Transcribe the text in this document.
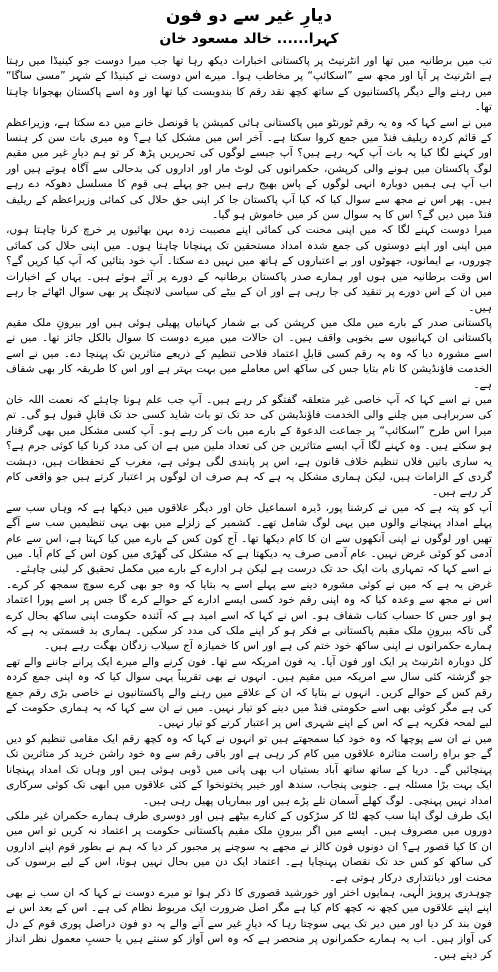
دیارِ غیر سے دو فون
کہرا...... خالد مسعود خان

تب میں برطانیہ میں تھا اور انٹرنیٹ پر پاکستانی اخبارات دیکھ رہا تھا جب میرا دوست جو کینیڈا میں رہتا ہے انٹرنیٹ پر آیا اور مجھ سے ”اسکائپ“ پر مخاطب ہوا۔ میرے اس دوست نے کینیڈا کے شہر ”مسی ساگا“ میں رہنے والے دیگر پاکستانیوں کے ساتھ کچھ نقد رقم کا بندوبست کیا تھا اور وہ اسے پاکستان بھجوانا چاہتا تھا۔

میں نے اسے کہا کہ وہ یہ رقم ٹورنٹو میں پاکستانی ہائی کمیشن یا قونصل خانے میں دے سکتا ہے، وزیراعظم کے قائم کردہ ریلیف فنڈ میں جمع کروا سکتا ہے۔ آخر اس میں مشکل کیا ہے؟ وہ میری بات سن کر ہنسا اور کہنے لگا کیا یہ بات آپ کہہ رہے ہیں؟ آپ جیسے لوگوں کی تحریریں پڑھ کر تو ہم دیارِ غیر میں مقیم لوگ پاکستان میں ہونے والی کرپشن، حکمرانوں کی لوٹ مار اور اداروں کی بدحالی سے آگاہ ہوتے ہیں اور اب آپ ہی ہمیں دوبارہ انہی لوگوں کے پاس بھیج رہے ہیں جو پہلے ہی قوم کا مسلسل دھوکہ دے رہے ہیں۔ پھر اس نے مجھ سے سوال کیا کہ کیا آپ پاکستان جا کر اپنی حق حلال کی کمائی وزیراعظم کے ریلیف فنڈ میں دیں گے؟ اس کا یہ سوال سن کر میں خاموش ہو گیا۔

میرا دوست کہنے لگا کہ میں اپنی محنت کی کمائی اپنے مصیبت زدہ بہن بھائیوں پر خرچ کرنا چاہتا ہوں، میں اپنی اور اپنے دوستوں کی جمع شدہ امداد مستحقین تک پہنچانا چاہتا ہوں۔ میں اپنی حلال کی کمائی چوروں، بے ایمانوں، جھوٹوں اور بے اعتباروں کے ہاتھ میں نہیں دے سکتا۔ آپ خود بتائیں کہ آپ کیا کریں گے؟ اس وقت برطانیہ میں ہوں اور ہمارے صدر پاکستان برطانیہ کے دورے پر آئے ہوئے ہیں۔ یہاں کے اخبارات میں ان کے اس دورے پر تنقید کی جا رہی ہے اور ان کے بیٹے کی سیاسی لانچنگ پر بھی سوال اٹھائے جا رہے ہیں۔

پاکستانی صدر کے بارے میں ملک میں کرپشن کی بے شمار کہانیاں پھیلی ہوئی ہیں اور بیرونِ ملک مقیم پاکستانی ان کہانیوں سے بخوبی واقف ہیں۔ ان حالات میں میرے دوست کا سوال بالکل جائز تھا۔ میں نے اسے مشورہ دیا کہ وہ یہ رقم کسی قابلِ اعتماد فلاحی تنظیم کے ذریعے متاثرین تک پہنچا دے۔ میں نے اسے الخدمت فاؤنڈیشن کا نام بتایا جس کی ساکھ اس معاملے میں بہت بہتر ہے اور اس کا طریقہ کار بھی شفاف ہے۔

میں نے اسے کہا کہ آپ خاصی غیر متعلقہ گفتگو کر رہے ہیں۔ آپ جب علم ہونا چاہئے کہ نعمت اللہ خان کی سربراہی میں چلنے والی الخدمت فاؤنڈیشن کی حد تک تو بات شاید کسی حد تک قابلِ قبول ہو گی۔ تم میرا اس طرح ”اسکائپ“ پر جماعت الدعوۃ کے بارے میں بات کر رہے ہو۔ آپ کسی مشکل میں بھی گرفتار ہو سکتے ہیں۔ وہ کہنے لگا آپ ایسے متاثرین جن کی تعداد ملین میں ہے ان کی مدد کرنا کیا کوئی جرم ہے؟ یہ ساری باتیں فلاں تنظیم خلاف قانون ہے، اس پر پابندی لگی ہوئی ہے، مغرب کے تحفظات ہیں، دہشت گردی کے الزامات ہیں، لیکن ہماری مشکل یہ ہے کہ ہم صرف ان لوگوں پر اعتبار کرتے ہیں جو واقعی کام کر رہے ہیں۔

آپ کو پتہ ہے کہ میں نے کرشنا پور، ڈیرہ اسماعیل خان اور دیگر علاقوں میں دیکھا ہے کہ وہاں سب سے پہلے امداد پہنچانے والوں میں یہی لوگ شامل تھے۔ کشمیر کے زلزلے میں بھی یہی تنظیمیں سب سے آگے تھیں اور لوگوں نے اپنی آنکھوں سے ان کا کام دیکھا تھا۔ آج کون کس کے بارے میں کیا کہتا ہے، اس سے عام آدمی کو کوئی غرض نہیں۔ عام آدمی صرف یہ دیکھتا ہے کہ مشکل کی گھڑی میں کون اس کے کام آیا۔ میں نے اسے کہا کہ تمہاری بات ایک حد تک درست ہے لیکن ہر ادارے کے بارے میں مکمل تحقیق کر لینی چاہئے۔

غرض یہ ہے کہ میں نے کوئی مشورہ دینے سے پہلے اسے یہ بتایا کہ وہ جو بھی کرے سوچ سمجھ کر کرے۔ اس نے مجھ سے وعدہ کیا کہ وہ اپنی رقم خود کسی ایسے ادارے کے حوالے کرے گا جس پر اسے پورا اعتماد ہو اور جس کا حساب کتاب شفاف ہو۔ اس نے کہا کہ اسے امید ہے کہ آئندہ حکومت اپنی ساکھ بحال کرے گی تاکہ بیرونِ ملک مقیم پاکستانی بے فکر ہو کر اپنے ملک کی مدد کر سکیں۔ ہماری بد قسمتی یہ ہے کہ ہمارے حکمرانوں نے اپنی ساکھ خود ختم کی ہے اور اس کا خمیازہ آج سیلاب زدگان بھگت رہے ہیں۔

کل دوبارہ انٹرنیٹ پر ایک اور فون آیا۔ یہ فون امریکہ سے تھا۔ فون کرنے والے میرے ایک پرانے جاننے والے تھے جو گزشتہ کئی سال سے امریکہ میں مقیم ہیں۔ انہوں نے بھی تقریباً یہی سوال کیا کہ وہ اپنی جمع کردہ رقم کس کے حوالے کریں۔ انہوں نے بتایا کہ ان کے علاقے میں رہنے والے پاکستانیوں نے خاصی بڑی رقم جمع کی ہے مگر کوئی بھی اسے حکومتی فنڈ میں دینے کو تیار نہیں۔ میں نے ان سے کہا کہ یہ ہماری حکومت کے لیے لمحہ فکریہ ہے کہ اس کے اپنے شہری اس پر اعتبار کرنے کو تیار نہیں۔

میں نے ان سے پوچھا کہ وہ خود کیا سمجھتے ہیں تو انہوں نے کہا کہ وہ کچھ رقم ایک مقامی تنظیم کو دیں گے جو براہِ راست متاثرہ علاقوں میں کام کر رہی ہے اور باقی رقم سے وہ خود راشن خرید کر متاثرین تک پہنچائیں گے۔ دریا کے ساتھ ساتھ آباد بستیاں اب بھی پانی میں ڈوبی ہوئی ہیں اور وہاں تک امداد پہنچانا ایک بہت بڑا مسئلہ ہے۔ جنوبی پنجاب، سندھ اور خیبر پختونخوا کے کئی علاقوں میں ابھی تک کوئی سرکاری امداد نہیں پہنچی۔ لوگ کھلے آسمان تلے پڑے ہیں اور بیماریاں پھیل رہی ہیں۔

ایک طرف لوگ اپنا سب کچھ لٹا کر سڑکوں کے کنارے بیٹھے ہیں اور دوسری طرف ہمارے حکمران غیر ملکی دوروں میں مصروف ہیں۔ ایسے میں اگر بیرونِ ملک مقیم پاکستانی حکومت پر اعتماد نہ کریں تو اس میں ان کا کیا قصور ہے؟ ان دونوں فون کالز نے مجھے یہ سوچنے پر مجبور کر دیا کہ ہم نے بطور قوم اپنے اداروں کی ساکھ کو کس حد تک نقصان پہنچایا ہے۔ اعتماد ایک دن میں بحال نہیں ہوتا، اس کے لیے برسوں کی محنت اور دیانتداری درکار ہوتی ہے۔

چوہدری پرویز الٰہی، ہمایوں اختر اور خورشید قصوری کا ذکر ہوا تو میرے دوست نے کہا کہ ان سب نے بھی اپنے اپنے علاقوں میں کچھ نہ کچھ کام کیا ہے مگر اصل ضرورت ایک مربوط نظام کی ہے۔ اس کے بعد اس نے فون بند کر دیا اور میں دیر تک یہی سوچتا رہا کہ دیارِ غیر سے آنے والے یہ دو فون دراصل پوری قوم کے دل کی آواز ہیں۔ اب یہ ہمارے حکمرانوں پر منحصر ہے کہ وہ اس آواز کو سنتے ہیں یا حسبِ معمول نظر انداز کر دیتے ہیں۔
